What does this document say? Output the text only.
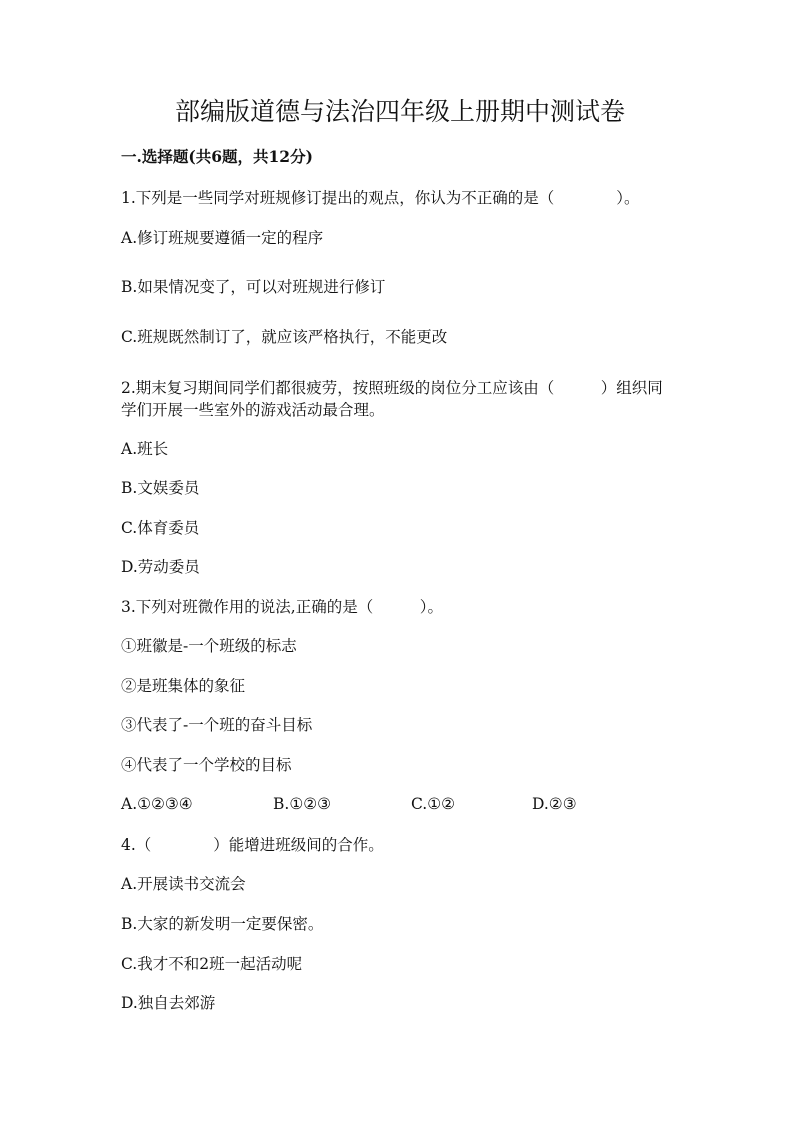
部编版道德与法治四年级上册期中测试卷
一.选择题(共6题，共12分)
1.下列是一些同学对班规修订提出的观点，你认为不正确的是（　　　　）。
A.修订班规要遵循一定的程序
B.如果情况变了，可以对班规进行修订
C.班规既然制订了，就应该严格执行，不能更改
2.期末复习期间同学们都很疲劳，按照班级的岗位分工应该由（　　　）组织同
学们开展一些室外的游戏活动最合理。
A.班长
B.文娱委员
C.体育委员
D.劳动委员
3.下列对班微作用的说法,正确的是（　　　）。
①班徽是-一个班级的标志
②是班集体的象征
③代表了-一个班的奋斗目标
④代表了一个学校的目标
A.①②③④	B.①②③	C.①②	D.②③
4.（　　　　）能增进班级间的合作。
A.开展读书交流会
B.大家的新发明一定要保密。
C.我才不和2班一起活动呢
D.独自去郊游
